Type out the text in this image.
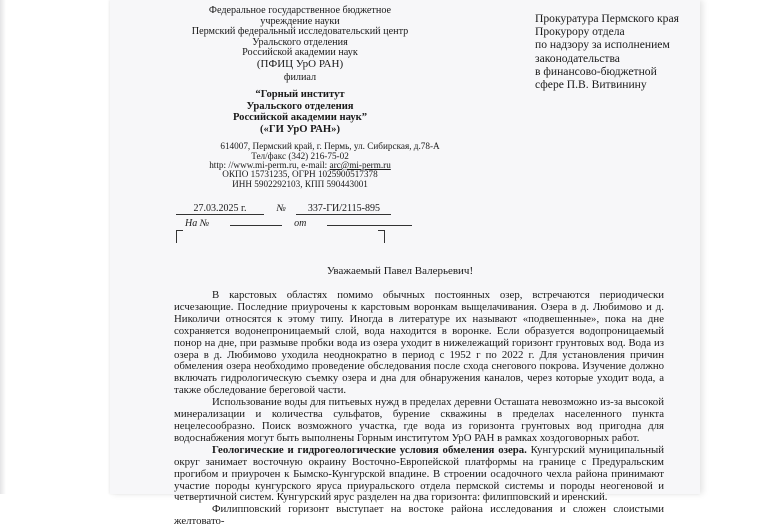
Федеральное государственное бюджетное
учреждение науки
Пермский федеральный исследовательский центр
Уральского отделения
Российской академии наук
(ПФИЦ УрО РАН)
филиал
“Горный институт
Уральского отделения
Российской академии наук”
(«ГИ УрО РАН»)
614007, Пермский край, г. Пермь, ул. Сибирская, д.78-А
Тел/факс (342) 216-75-02
http: //www.mi-perm.ru, e-mail: arc@mi-perm.ru
ОКПО 15731235, ОГРН 1025900517378
ИНН 5902292103, КПП 590443001
Прокуратура Пермского края
Прокурору отдела
по надзору за исполнением
законодательства
в финансово-бюджетной
сфере П.В. Витвинину
27.03.2025 г.	№ 337-ГИ/2115-895
На №	от
Уважаемый Павел Валерьевич!

В карстовых областях помимо обычных постоянных озер, встречаются периодически исчезающие. Последние приурочены к карстовым воронкам выщелачивания. Озера в д. Любимово и д. Николичи относятся к этому типу. Иногда в литературе их называют «подвешенные», пока на дне сохраняется водонепроницаемый слой, вода находится в воронке. Если образуется водопроницаемый понор на дне, при размыве пробки вода из озера уходит в нижележащий горизонт грунтовых вод. Вода из озера в д. Любимово уходила неоднократно в период с 1952 г по 2022 г. Для установления причин обмеления озера необходимо проведение обследования после схода снегового покрова. Изучение должно включать гидрологическую съемку озера и дна для обнаружения каналов, через которые уходит вода, а также обследование береговой части.

Использование воды для питьевых нужд в пределах деревни Осташата невозможно из-за высокой минерализации и количества сульфатов, бурение скважины в пределах населенного пункта нецелесообразно. Поиск возможного участка, где вода из горизонта грунтовых вод пригодна для водоснабжения могут быть выполнены Горным институтом УрО РАН в рамках хоздоговорных работ.

Геологические и гидрогеологические условия обмеления озера. Кунгурский муниципальный округ занимает восточную окраину Восточно-Европейской платформы на границе с Предуральским прогибом и приурочен к Бымско-Кунгурской впадине. В строении осадочного чехла района принимают участие породы кунгурского яруса приуральского отдела пермской системы и породы неогеновой и четвертичной систем. Кунгурский ярус разделен на два горизонта: филипповский и иренский.

Филипповский горизонт выступает на востоке района исследования и сложен слоистыми желтовато-
